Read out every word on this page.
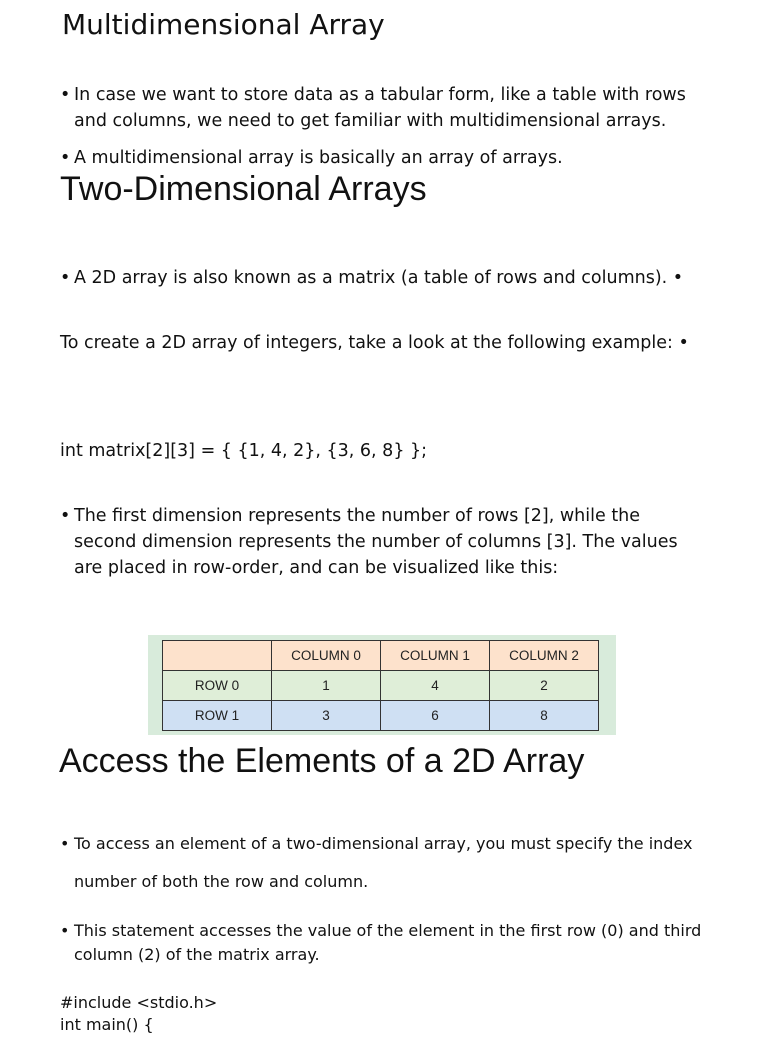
Multidimensional Array
• In case we want to store data as a tabular form, like a table with rows
and columns, we need to get familiar with multidimensional arrays.
• A multidimensional array is basically an array of arrays.
Two-Dimensional Arrays
• A 2D array is also known as a matrix (a table of rows and columns). •
To create a 2D array of integers, take a look at the following example: •
int matrix[2][3] = { {1, 4, 2}, {3, 6, 8} };
• The first dimension represents the number of rows [2], while the
second dimension represents the number of columns [3]. The values
are placed in row-order, and can be visualized like this:
	COLUMN 0	COLUMN 1	COLUMN 2
ROW 0	1	4	2
ROW 1	3	6	8
Access the Elements of a 2D Array
• To access an element of a two-dimensional array, you must specify the index
number of both the row and column.
• This statement accesses the value of the element in the first row (0) and third
column (2) of the matrix array.
#include <stdio.h>
int main() {
